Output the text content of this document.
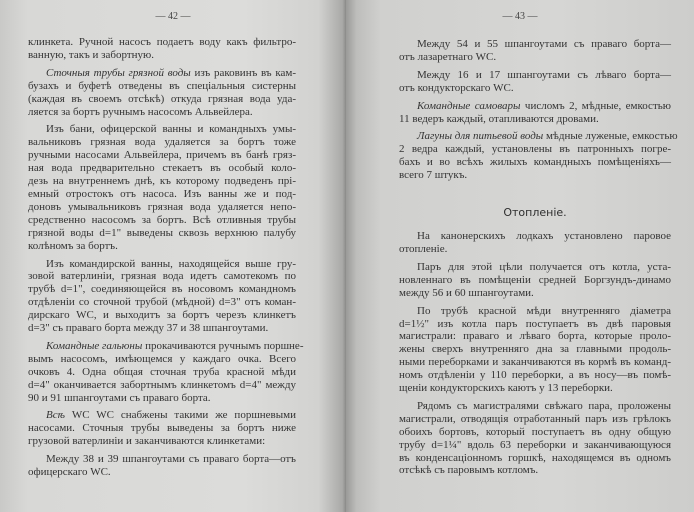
— 42 —
клинкета. Ручной насосъ подаетъ воду какъ фильтро-
ванную, такъ и забортную.
Сточныя трубы грязной воды изъ раковинъ въ кам-
бузахъ и буфетѣ отведены въ спеціальныя систерны
(каждая въ своемъ отсѣкѣ) откуда грязная вода уда-
ляется за бортъ ручнымъ насосомъ Альвейлера.
Изъ бани, офицерской ванны и командныхъ умы-
вальниковъ грязная вода удаляется за бортъ тоже
ручными насосами Альвейлера, причемъ въ банѣ гряз-
ная вода предварительно стекаетъ въ особый коло-
дезь на внутреннемъ днѣ, къ которому подведенъ прі-
емный отростокъ отъ насоса. Изъ ванны же и под-
доновъ умывальниковъ грязная вода удаляется непо-
средственно насосомъ за бортъ. Всѣ отливныя трубы
грязной воды d=1" выведены сквозь верхнюю палубу
колѣномъ за бортъ.
Изъ командирской ванны, находящейся выше гру-
зовой ватерлиніи, грязная вода идетъ самотекомъ по
трубѣ d=1", соединяющейся въ носовомъ командномъ
отдѣленіи со сточной трубой (мѣдной) d=3" отъ коман-
дирскаго WC, и выходитъ за бортъ черезъ клинкетъ
d=3" съ праваго борта между 37 и 38 шпангоутами.
Командные гальюны прокачиваются ручнымъ поршне-
вымъ насосомъ, имѣющемся у каждаго очка. Всего
очковъ 4. Одна общая сточная труба красной мѣди
d=4" оканчивается забортнымъ клинкетомъ d=4" между
90 и 91 шпангоутами съ праваго борта.
Всѣ WC WC снабжены такими же поршневыми
насосами. Сточныя трубы выведены за бортъ ниже
грузовой ватерлиніи и заканчиваются клинкетами:
Между 38 и 39 шпангоутами съ праваго борта—отъ
офицерскаго WC.
— 43 —
Между 54 и 55 шпангоутами съ праваго борта—
отъ лазаретнаго WC.
Между 16 и 17 шпангоутами съ лѣваго борта—
отъ кондукторскаго WC.
Командные самовары числомъ 2, мѣдные, емкостью
11 ведеръ каждый, отапливаются дровами.
Лагуны для питьевой воды мѣдные луженые, емкостью
2 ведра каждый, установлены въ патронныхъ погре-
бахъ и во всѣхъ жилыхъ командныхъ помѣщеніяхъ—
всего 7 штукъ.
Отопленіе.
На канонерскихъ лодкахъ установлено паровое
отопленіе.
Паръ для этой цѣли получается отъ котла, уста-
новленнаго въ помѣщеніи средней Боргзундъ-динамо
между 56 и 60 шпангоутами.
По трубѣ красной мѣди внутренняго діаметра
d=1½" изъ котла паръ поступаетъ въ двѣ паровыя
магистрали: праваго и лѣваго борта, которые проло-
жены сверхъ внутренняго дна за главными продоль-
ными переборками и заканчиваются въ кормѣ въ команд-
номъ отдѣленіи у 110 переборки, а въ носу—въ помѣ-
щеніи кондукторскихъ каютъ у 13 переборки.
Рядомъ съ магистралями свѣжаго пара, проложены
магистрали, отводящія отработанный паръ изъ грѣлокъ
обоихъ бортовъ, который поступаетъ въ одну общую
трубу d=1¼" вдоль 63 переборки и заканчивающуюся
въ конденсаціонномъ горшкѣ, находящемся въ одномъ
отсѣкѣ съ паровымъ котломъ.
